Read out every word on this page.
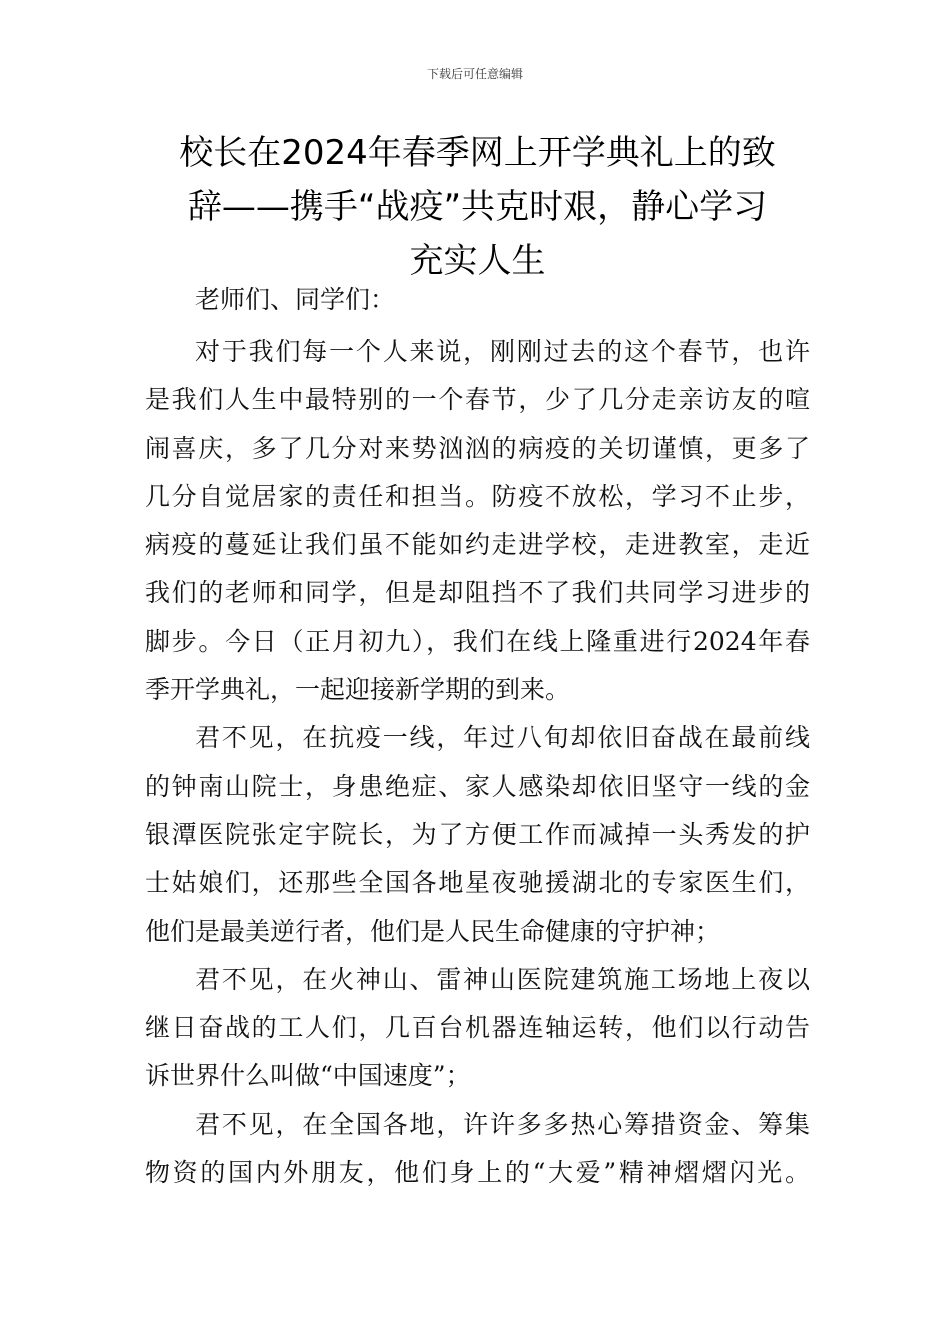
下载后可任意编辑
校长在2024年春季网上开学典礼上的致
辞——携手“战疫”共克时艰，静心学习
充实人生
老师们、同学们：
对于我们每一个人来说，刚刚过去的这个春节，也许
是我们人生中最特别的一个春节，少了几分走亲访友的喧
闹喜庆，多了几分对来势汹汹的病疫的关切谨慎，更多了
几分自觉居家的责任和担当。防疫不放松，学习不止步，
病疫的蔓延让我们虽不能如约走进学校，走进教室，走近
我们的老师和同学，但是却阻挡不了我们共同学习进步的
脚步。今日（正月初九），我们在线上隆重进行2024年春
季开学典礼，一起迎接新学期的到来。
君不见，在抗疫一线，年过八旬却依旧奋战在最前线
的钟南山院士，身患绝症、家人感染却依旧坚守一线的金
银潭医院张定宇院长，为了方便工作而减掉一头秀发的护
士姑娘们，还那些全国各地星夜驰援湖北的专家医生们，
他们是最美逆行者，他们是人民生命健康的守护神；
君不见，在火神山、雷神山医院建筑施工场地上夜以
继日奋战的工人们，几百台机器连轴运转，他们以行动告
诉世界什么叫做“中国速度”；
君不见，在全国各地，许许多多热心筹措资金、筹集
物资的国内外朋友，他们身上的“大爱”精神熠熠闪光。
